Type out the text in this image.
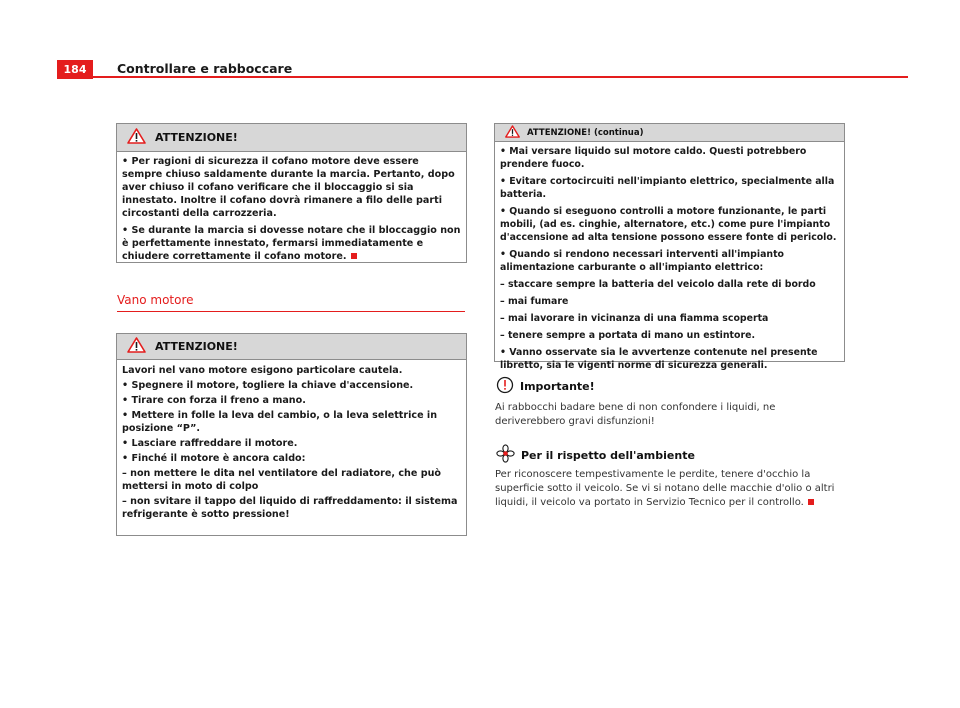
184	Controllare e rabboccare
ATTENZIONE!

• Per ragioni di sicurezza il cofano motore deve essere sempre chiuso saldamente durante la marcia. Pertanto, dopo aver chiuso il cofano verificare che il bloccaggio si sia innestato. Inoltre il cofano dovrà rimanere a filo delle parti circostanti della carrozzeria.

• Se durante la marcia si dovesse notare che il bloccaggio non è perfettamente innestato, fermarsi immediatamente e chiudere correttamente il cofano motore.

Vano motore
ATTENZIONE!

Lavori nel vano motore esigono particolare cautela.

• Spegnere il motore, togliere la chiave d'accensione.

• Tirare con forza il freno a mano.

• Mettere in folle la leva del cambio, o la leva selettrice in posizione “P”.

• Lasciare raffreddare il motore.

• Finché il motore è ancora caldo:

– non mettere le dita nel ventilatore del radiatore, che può mettersi in moto di colpo

– non svitare il tappo del liquido di raffreddamento: il sistema refrigerante è sotto pressione!

ATTENZIONE! (continua)

• Mai versare liquido sul motore caldo. Questi potrebbero prendere fuoco.

• Evitare cortocircuiti nell'impianto elettrico, specialmente alla batteria.

• Quando si eseguono controlli a motore funzionante, le parti mobili, (ad es. cinghie, alternatore, etc.) come pure l'impianto d'accensione ad alta tensione possono essere fonte di pericolo.

• Quando si rendono necessari interventi all'impianto alimentazione carburante o all'impianto elettrico:

– staccare sempre la batteria del veicolo dalla rete di bordo

– mai fumare

– mai lavorare in vicinanza di una fiamma scoperta

– tenere sempre a portata di mano un estintore.

• Vanno osservate sia le avvertenze contenute nel presente libretto, sia le vigenti norme di sicurezza generali.

Importante!
Ai rabbocchi badare bene di non confondere i liquidi, ne deriverebbero gravi disfunzioni!
Per il rispetto dell'ambiente
Per riconoscere tempestivamente le perdite, tenere d'occhio la superficie sotto il veicolo. Se vi si notano delle macchie d'olio o altri liquidi, il veicolo va portato in Servizio Tecnico per il controllo.
